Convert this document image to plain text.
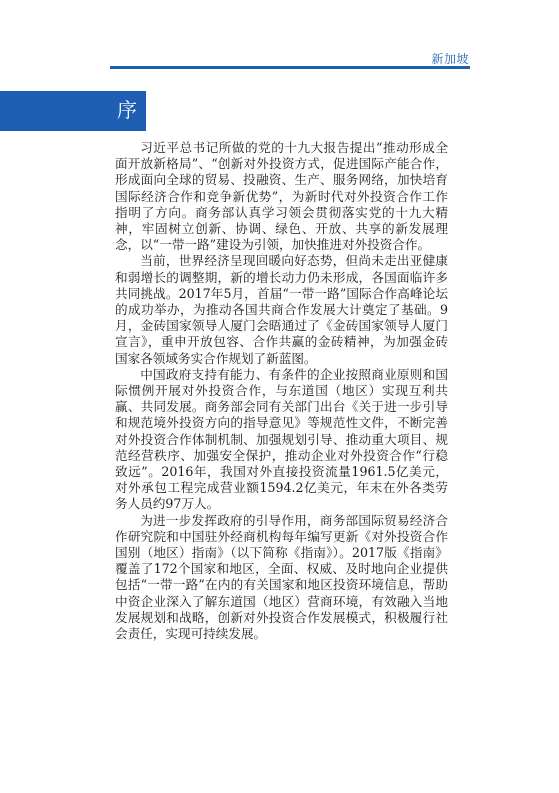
新加坡
序

习近平总书记所做的党的十九大报告提出“推动形成全面开放新格局”、“创新对外投资方式，促进国际产能合作，形成面向全球的贸易、投融资、生产、服务网络，加快培育国际经济合作和竞争新优势”，为新时代对外投资合作工作指明了方向。商务部认真学习领会贯彻落实党的十九大精神，牢固树立创新、协调、绿色、开放、共享的新发展理念，以“一带一路”建设为引领，加快推进对外投资合作。

当前，世界经济呈现回暖向好态势，但尚未走出亚健康和弱增长的调整期，新的增长动力仍未形成，各国面临许多共同挑战。2017年5月，首届“一带一路”国际合作高峰论坛的成功举办，为推动各国共商合作发展大计奠定了基础。9月，金砖国家领导人厦门会晤通过了《金砖国家领导人厦门宣言》，重申开放包容、合作共赢的金砖精神，为加强金砖国家各领域务实合作规划了新蓝图。

中国政府支持有能力、有条件的企业按照商业原则和国际惯例开展对外投资合作，与东道国（地区）实现互利共赢、共同发展。商务部会同有关部门出台《关于进一步引导和规范境外投资方向的指导意见》等规范性文件，不断完善对外投资合作体制机制、加强规划引导、推动重大项目、规范经营秩序、加强安全保护，推动企业对外投资合作“行稳致远”。2016年，我国对外直接投资流量1961.5亿美元，对外承包工程完成营业额1594.2亿美元，年末在外各类劳务人员约97万人。

为进一步发挥政府的引导作用，商务部国际贸易经济合作研究院和中国驻外经商机构每年编写更新《对外投资合作国别（地区）指南》（以下简称《指南》）。2017版《指南》覆盖了172个国家和地区，全面、权威、及时地向企业提供包括“一带一路”在内的有关国家和地区投资环境信息，帮助中资企业深入了解东道国（地区）营商环境，有效融入当地发展规划和战略，创新对外投资合作发展模式，积极履行社会责任，实现可持续发展。
